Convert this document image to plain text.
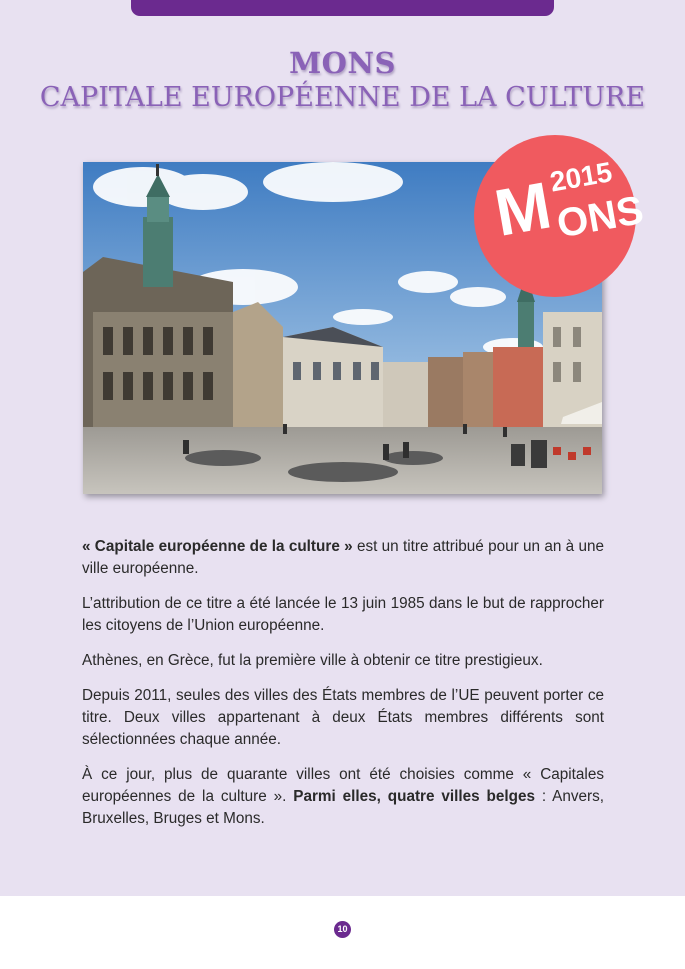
MONS
CAPITALE EUROPÉENNE DE LA CULTURE
M
2015
ONS

« Capitale européenne de la culture » est un titre attribué pour un an à une ville européenne.

L’attribution de ce titre a été lancée le 13 juin 1985 dans le but de rapprocher les citoyens de l’Union européenne.

Athènes, en Grèce, fut la première ville à obtenir ce titre prestigieux.

Depuis 2011, seules des villes des États membres de l’UE peuvent porter ce titre. Deux villes appartenant à deux États membres différents sont sélectionnées chaque année.

À ce jour, plus de quarante villes ont été choisies comme « Capitales européennes de la culture ». Parmi elles, quatre villes belges : Anvers, Bruxelles, Bruges et Mons.

10
